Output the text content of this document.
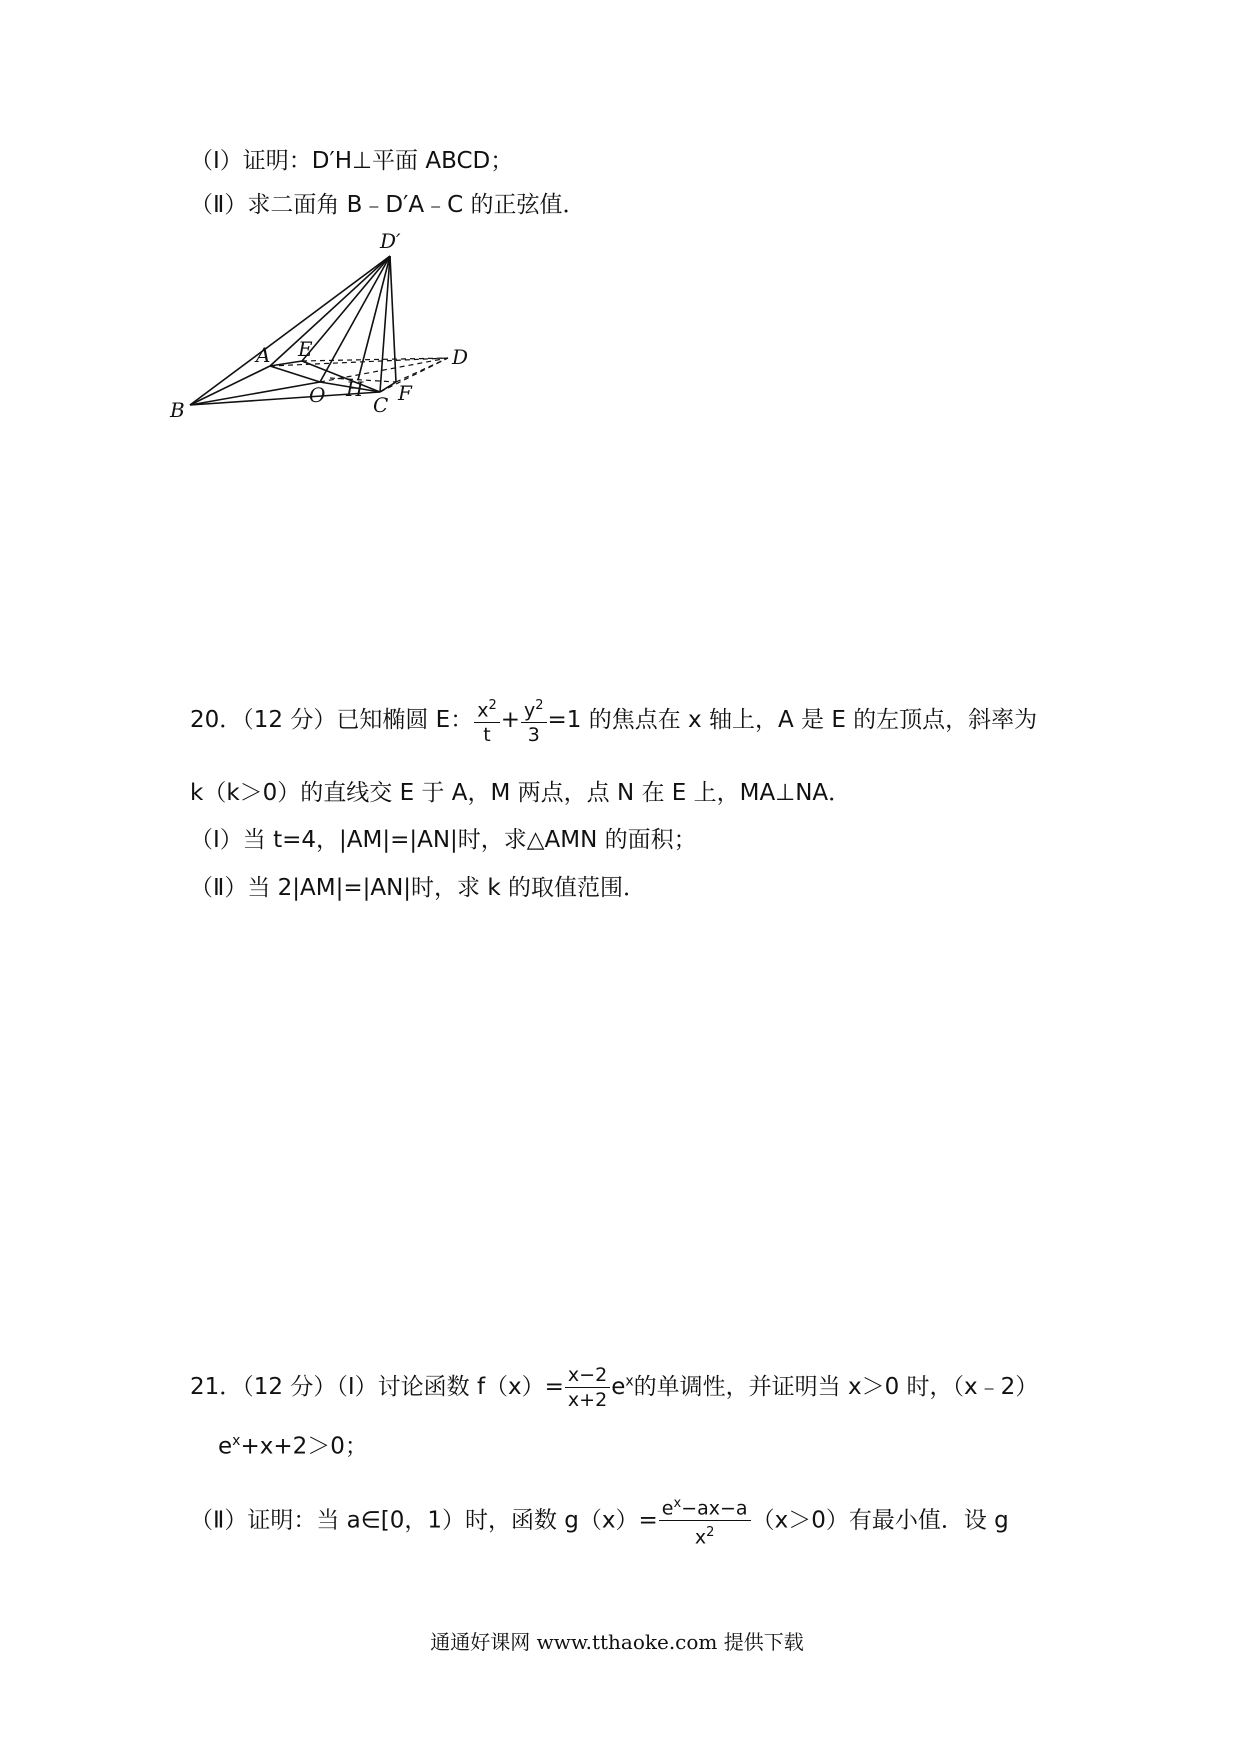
（Ⅰ）证明：D′H⊥平面 ABCD；
（Ⅱ）求二面角 B﹣D′A﹣C 的正弦值．
D′
A E	D
O H
B	C F
20．（12 分）已知椭圆 E： $\frac{x^2}{t} + \frac{y^2}{3} =1$ 的焦点在 x 轴上，A 是 E 的左顶点，斜率为
k（k＞0）的直线交 E 于 A，M 两点，点 N 在 E 上，MA⊥NA．
（Ⅰ）当 t=4，|AM|=|AN|时，求△AMN 的面积；
（Ⅱ）当 2|AM|=|AN|时，求 k 的取值范围．
21．（12 分）（Ⅰ）讨论函数 $f(x)= \frac{x-2}{x+2} e^x$的单调性，并证明当 x＞0 时，（x﹣2）
$e^x+x+2>0$；
（Ⅱ）证明：当 a∈[0，1）时，函数 $g(x)= \frac{e^x-ax-a}{x^2} (x>0)$有最小值．设 g
通通好课网 www.tthaoke.com 提供下载
